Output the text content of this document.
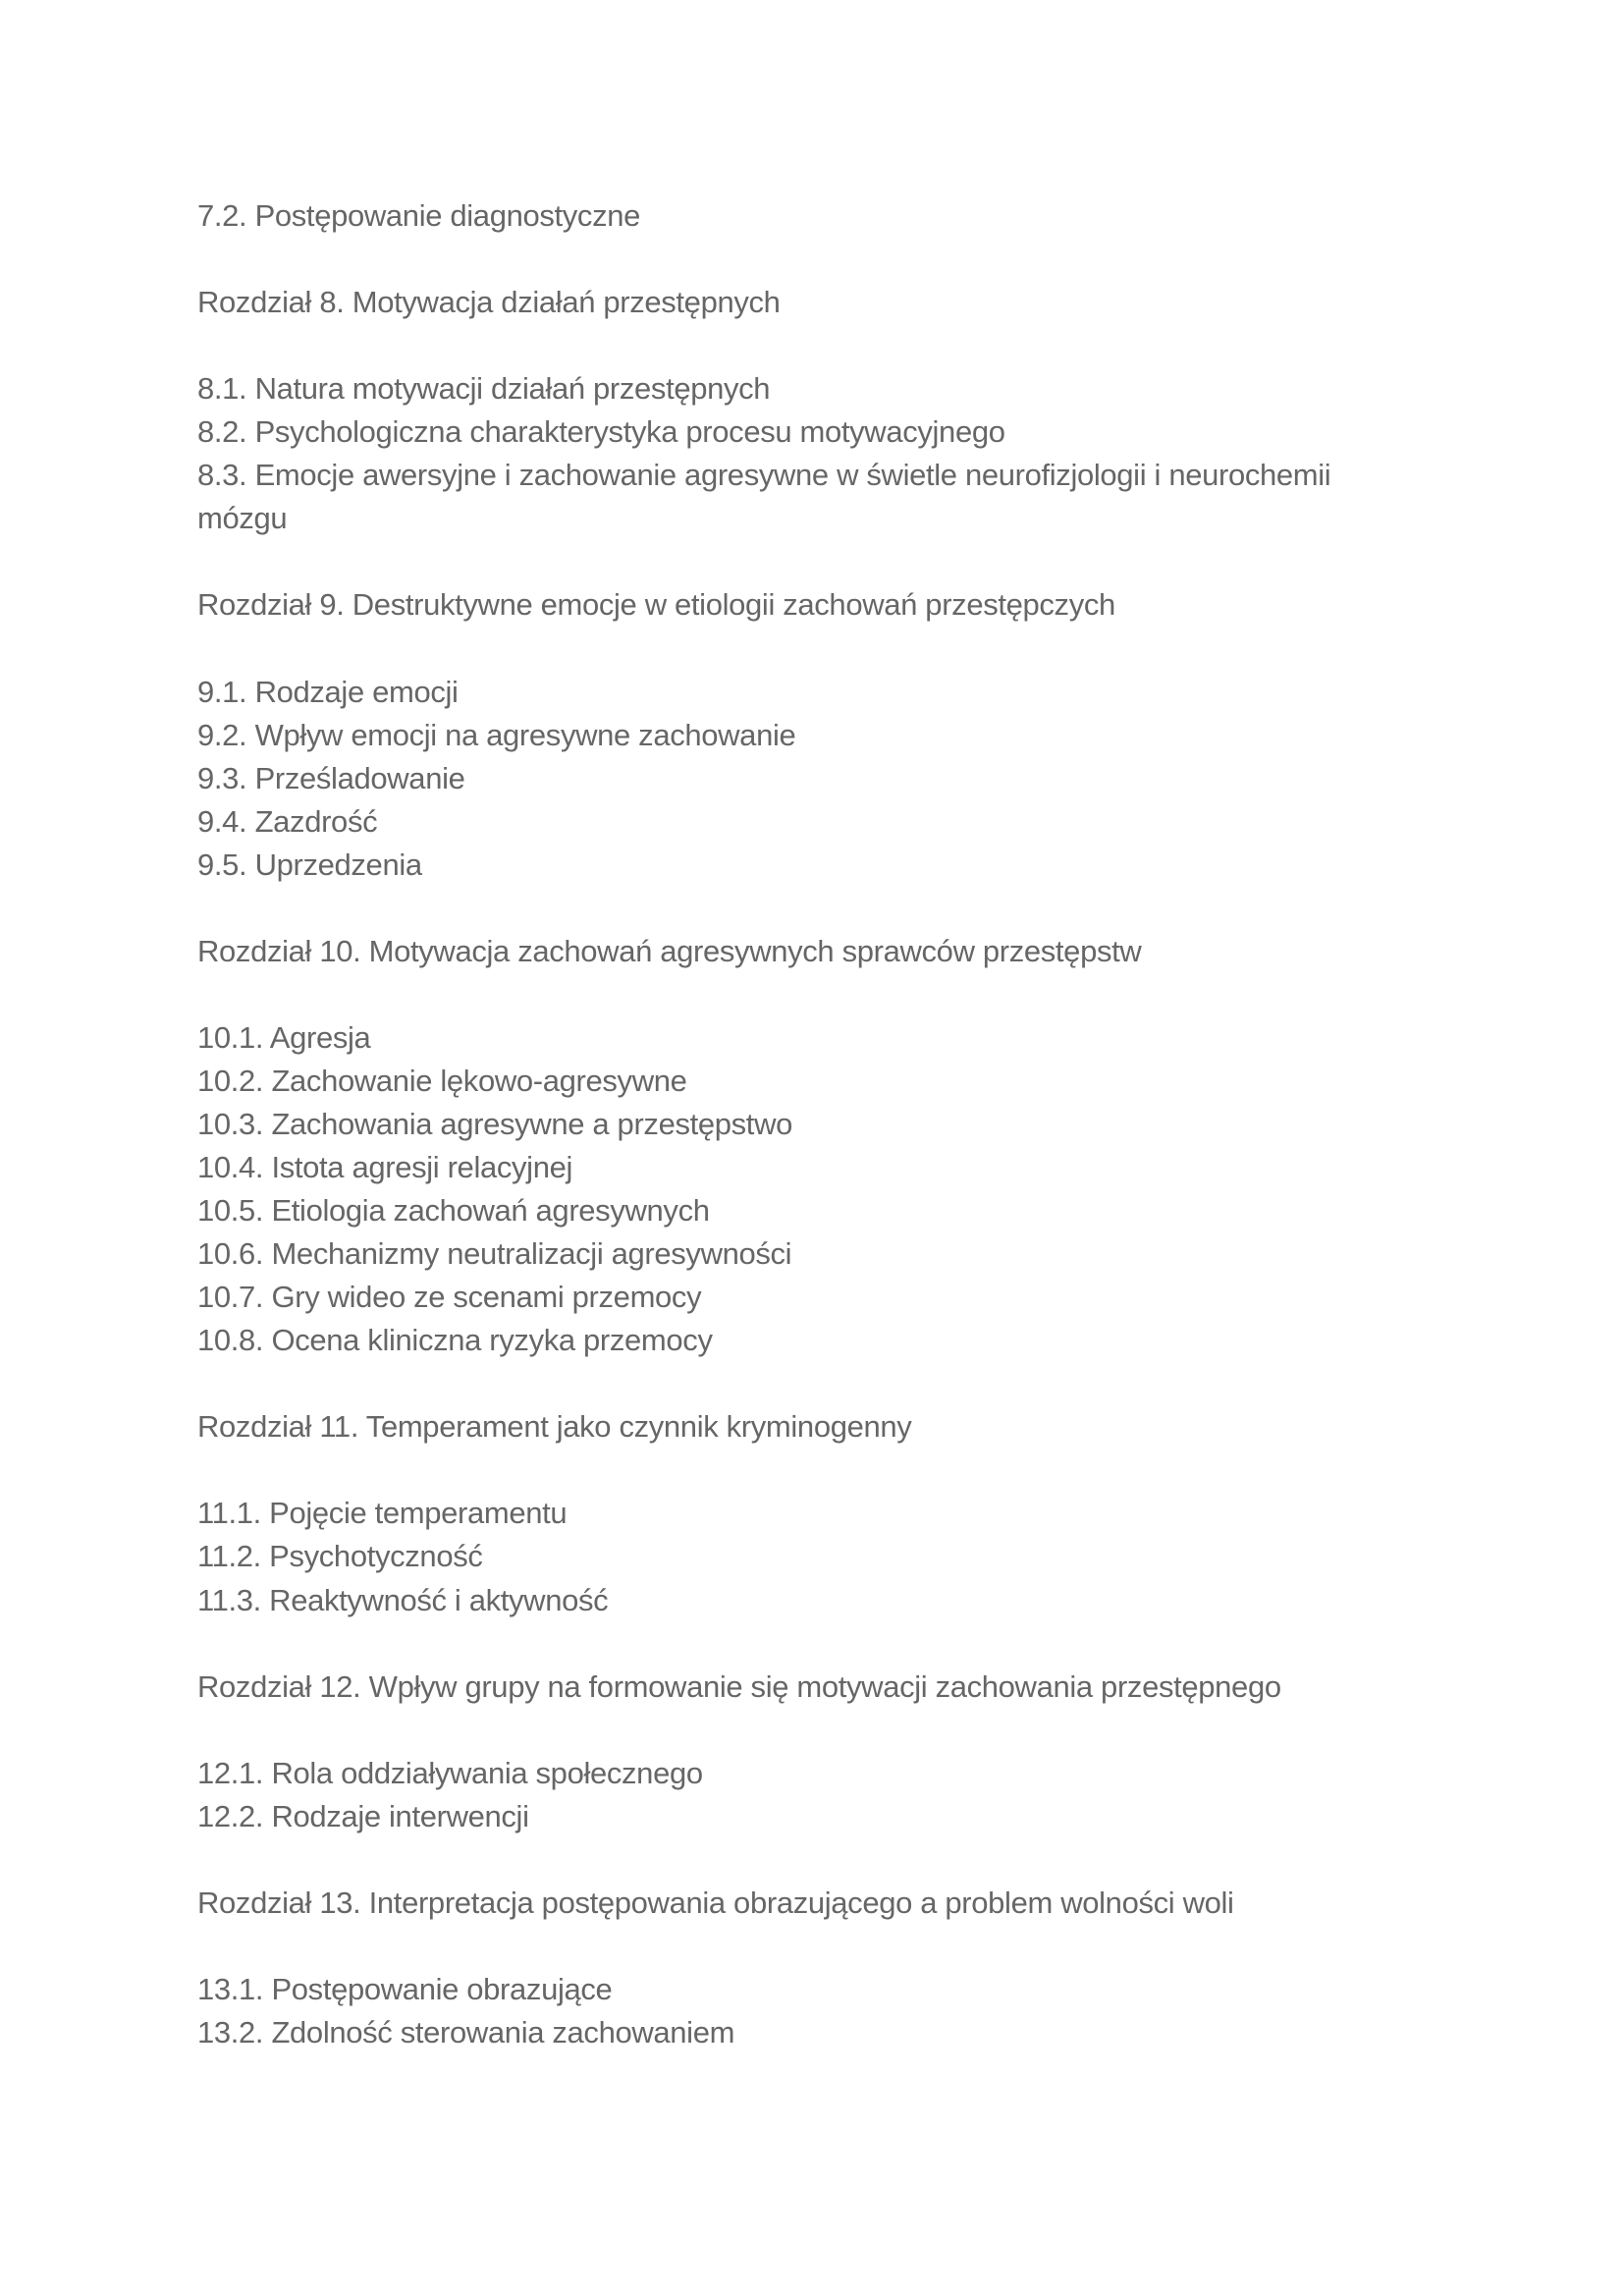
7.2. Postępowanie diagnostyczne
Rozdział 8. Motywacja działań przestępnych
8.1. Natura motywacji działań przestępnych
8.2. Psychologiczna charakterystyka procesu motywacyjnego
8.3. Emocje awersyjne i zachowanie agresywne w świetle neurofizjologii i neurochemii
mózgu
Rozdział 9. Destruktywne emocje w etiologii zachowań przestępczych
9.1. Rodzaje emocji
9.2. Wpływ emocji na agresywne zachowanie
9.3. Prześladowanie
9.4. Zazdrość
9.5. Uprzedzenia
Rozdział 10. Motywacja zachowań agresywnych sprawców przestępstw
10.1. Agresja
10.2. Zachowanie lękowo-agresywne
10.3. Zachowania agresywne a przestępstwo
10.4. Istota agresji relacyjnej
10.5. Etiologia zachowań agresywnych
10.6. Mechanizmy neutralizacji agresywności
10.7. Gry wideo ze scenami przemocy
10.8. Ocena kliniczna ryzyka przemocy
Rozdział 11. Temperament jako czynnik kryminogenny
11.1. Pojęcie temperamentu
11.2. Psychotyczność
11.3. Reaktywność i aktywność
Rozdział 12. Wpływ grupy na formowanie się motywacji zachowania przestępnego
12.1. Rola oddziaływania społecznego
12.2. Rodzaje interwencji
Rozdział 13. Interpretacja postępowania obrazującego a problem wolności woli
13.1. Postępowanie obrazujące
13.2. Zdolność sterowania zachowaniem
